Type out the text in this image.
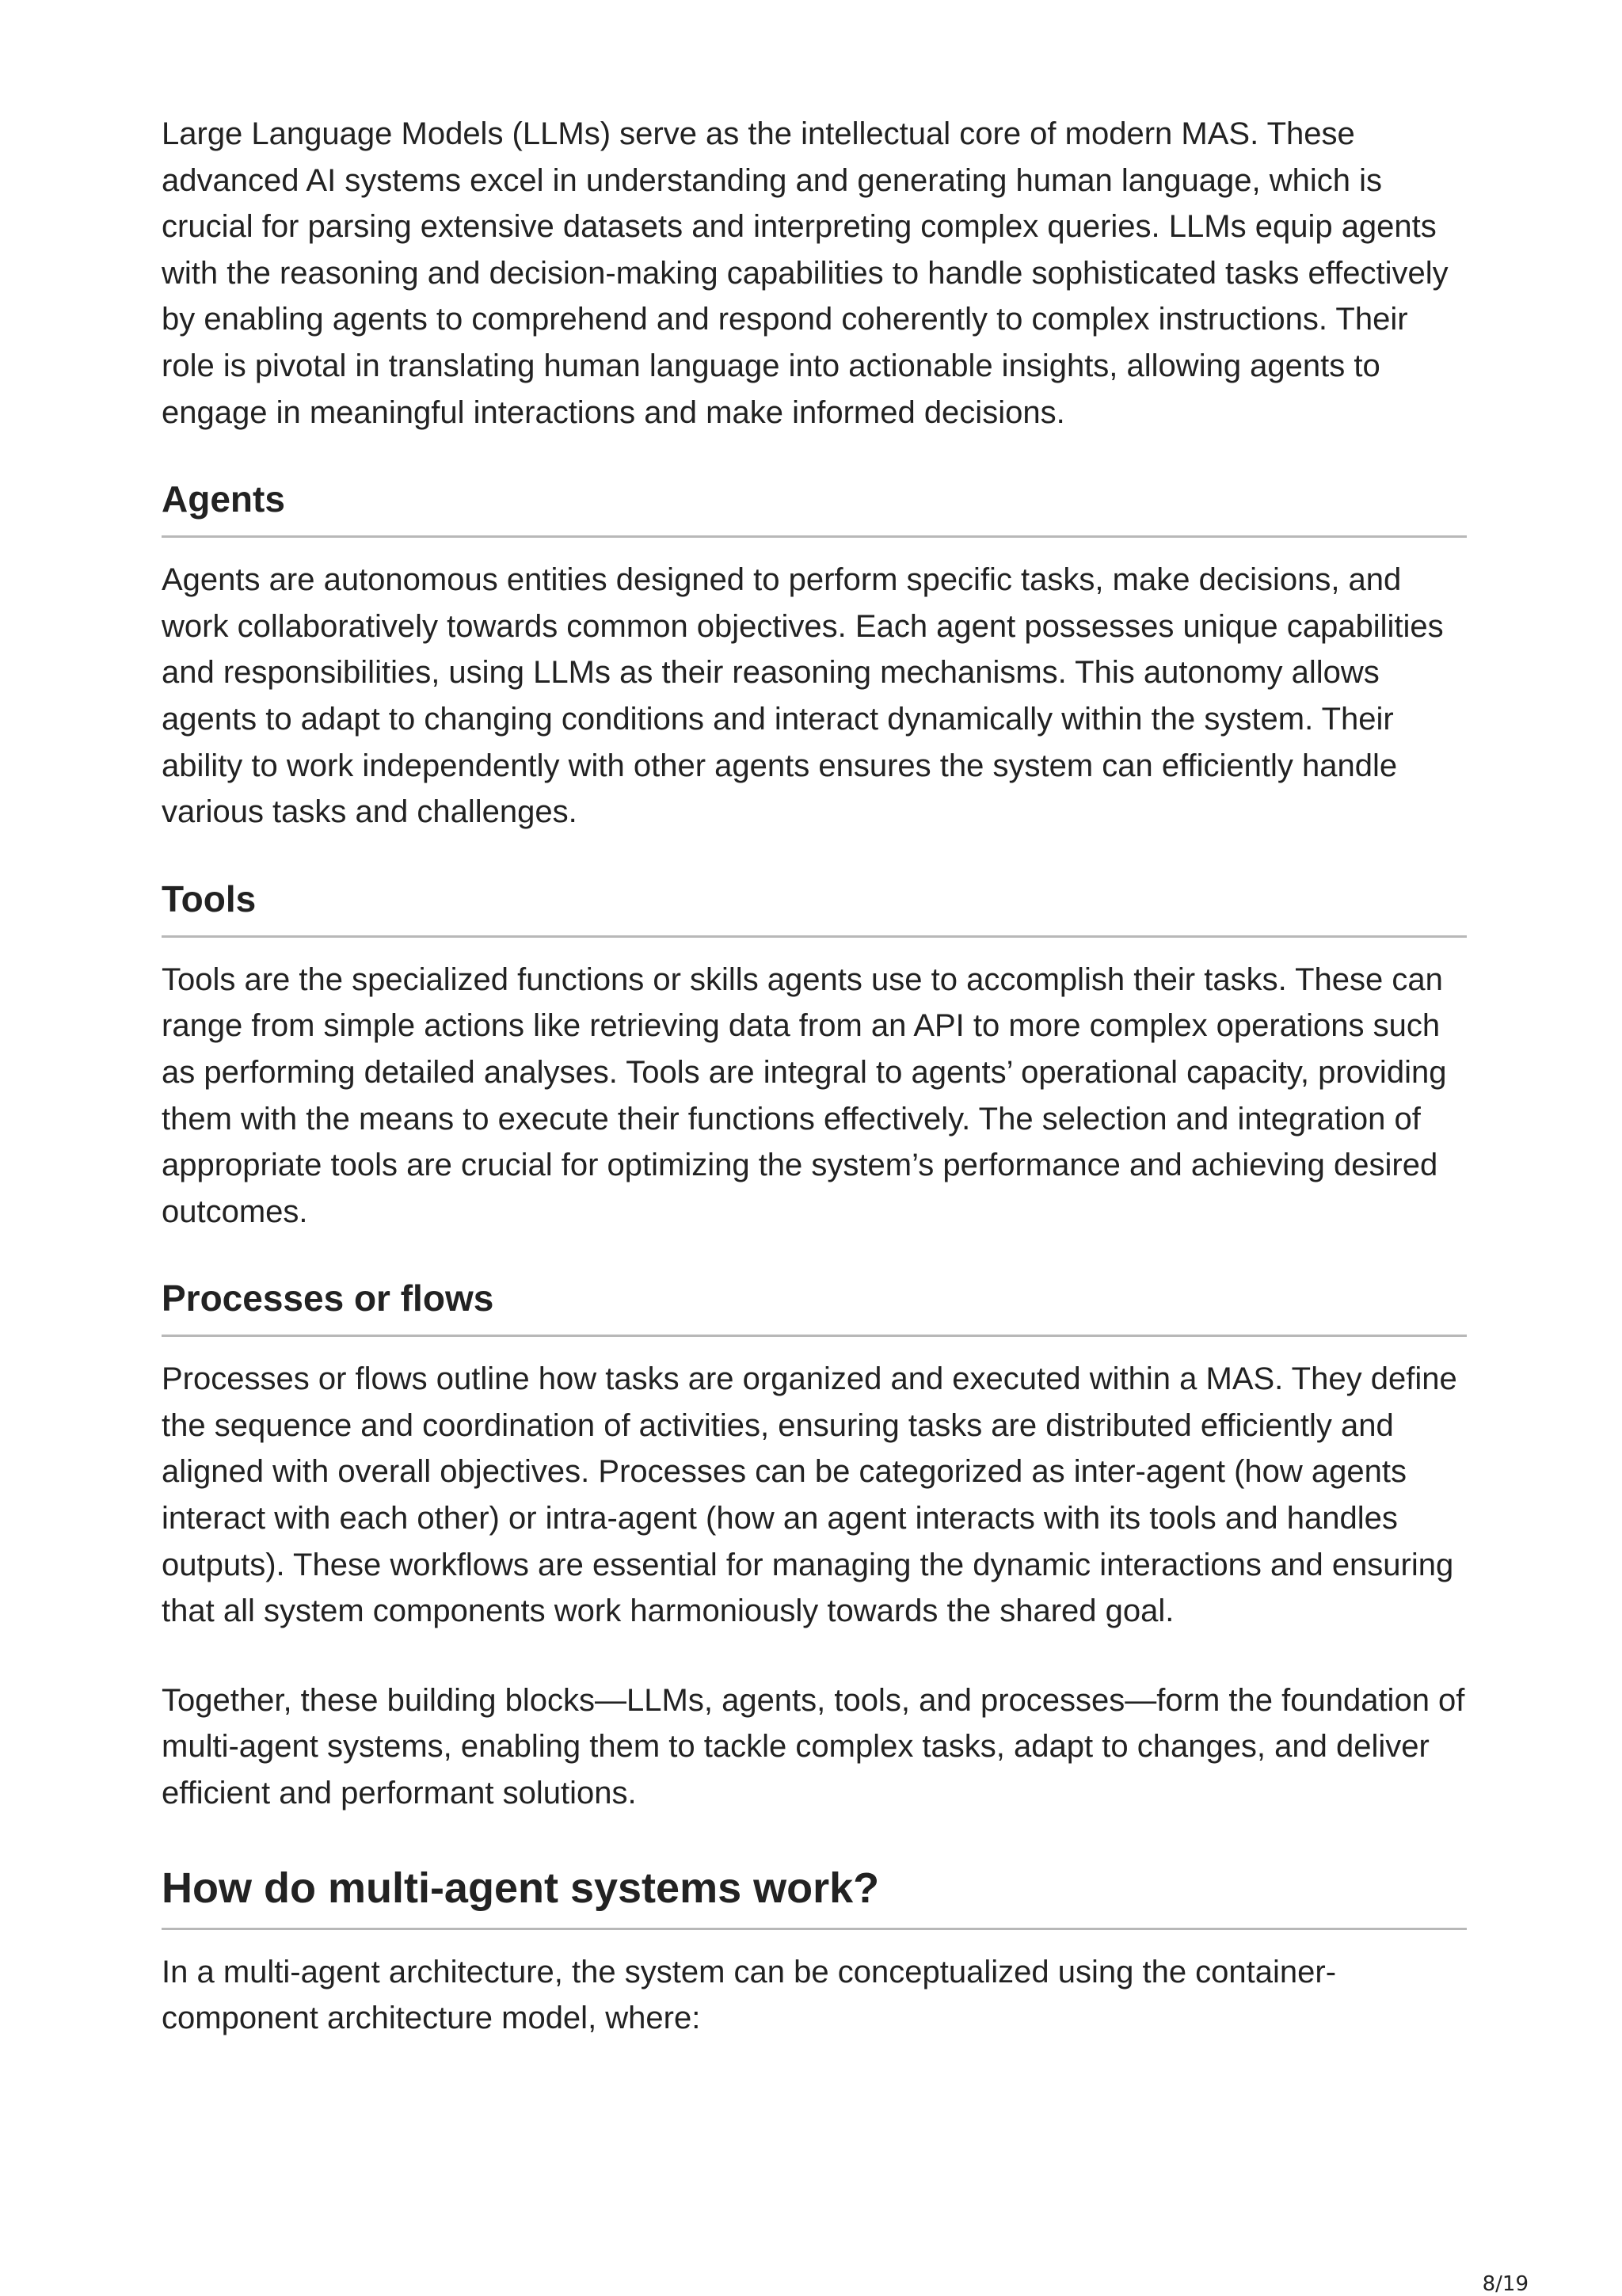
Large Language Models (LLMs) serve as the intellectual core of modern MAS. These advanced AI systems excel in understanding and generating human language, which is crucial for parsing extensive datasets and interpreting complex queries. LLMs equip agents with the reasoning and decision-making capabilities to handle sophisticated tasks effectively by enabling agents to comprehend and respond coherently to complex instructions. Their role is pivotal in translating human language into actionable insights, allowing agents to engage in meaningful interactions and make informed decisions.

Agents

Agents are autonomous entities designed to perform specific tasks, make decisions, and work collaboratively towards common objectives. Each agent possesses unique capabilities and responsibilities, using LLMs as their reasoning mechanisms. This autonomy allows agents to adapt to changing conditions and interact dynamically within the system. Their ability to work independently with other agents ensures the system can efficiently handle various tasks and challenges.

Tools

Tools are the specialized functions or skills agents use to accomplish their tasks. These can range from simple actions like retrieving data from an API to more complex operations such as performing detailed analyses. Tools are integral to agents’ operational capacity, providing them with the means to execute their functions effectively. The selection and integration of appropriate tools are crucial for optimizing the system’s performance and achieving desired outcomes.

Processes or flows

Processes or flows outline how tasks are organized and executed within a MAS. They define the sequence and coordination of activities, ensuring tasks are distributed efficiently and aligned with overall objectives. Processes can be categorized as inter-agent (how agents interact with each other) or intra-agent (how an agent interacts with its tools and handles outputs). These workflows are essential for managing the dynamic interactions and ensuring that all system components work harmoniously towards the shared goal.

Together, these building blocks—LLMs, agents, tools, and processes—form the foundation of multi-agent systems, enabling them to tackle complex tasks, adapt to changes, and deliver efficient and performant solutions.

How do multi-agent systems work?

In a multi-agent architecture, the system can be conceptualized using the container-component architecture model, where:

8/19
